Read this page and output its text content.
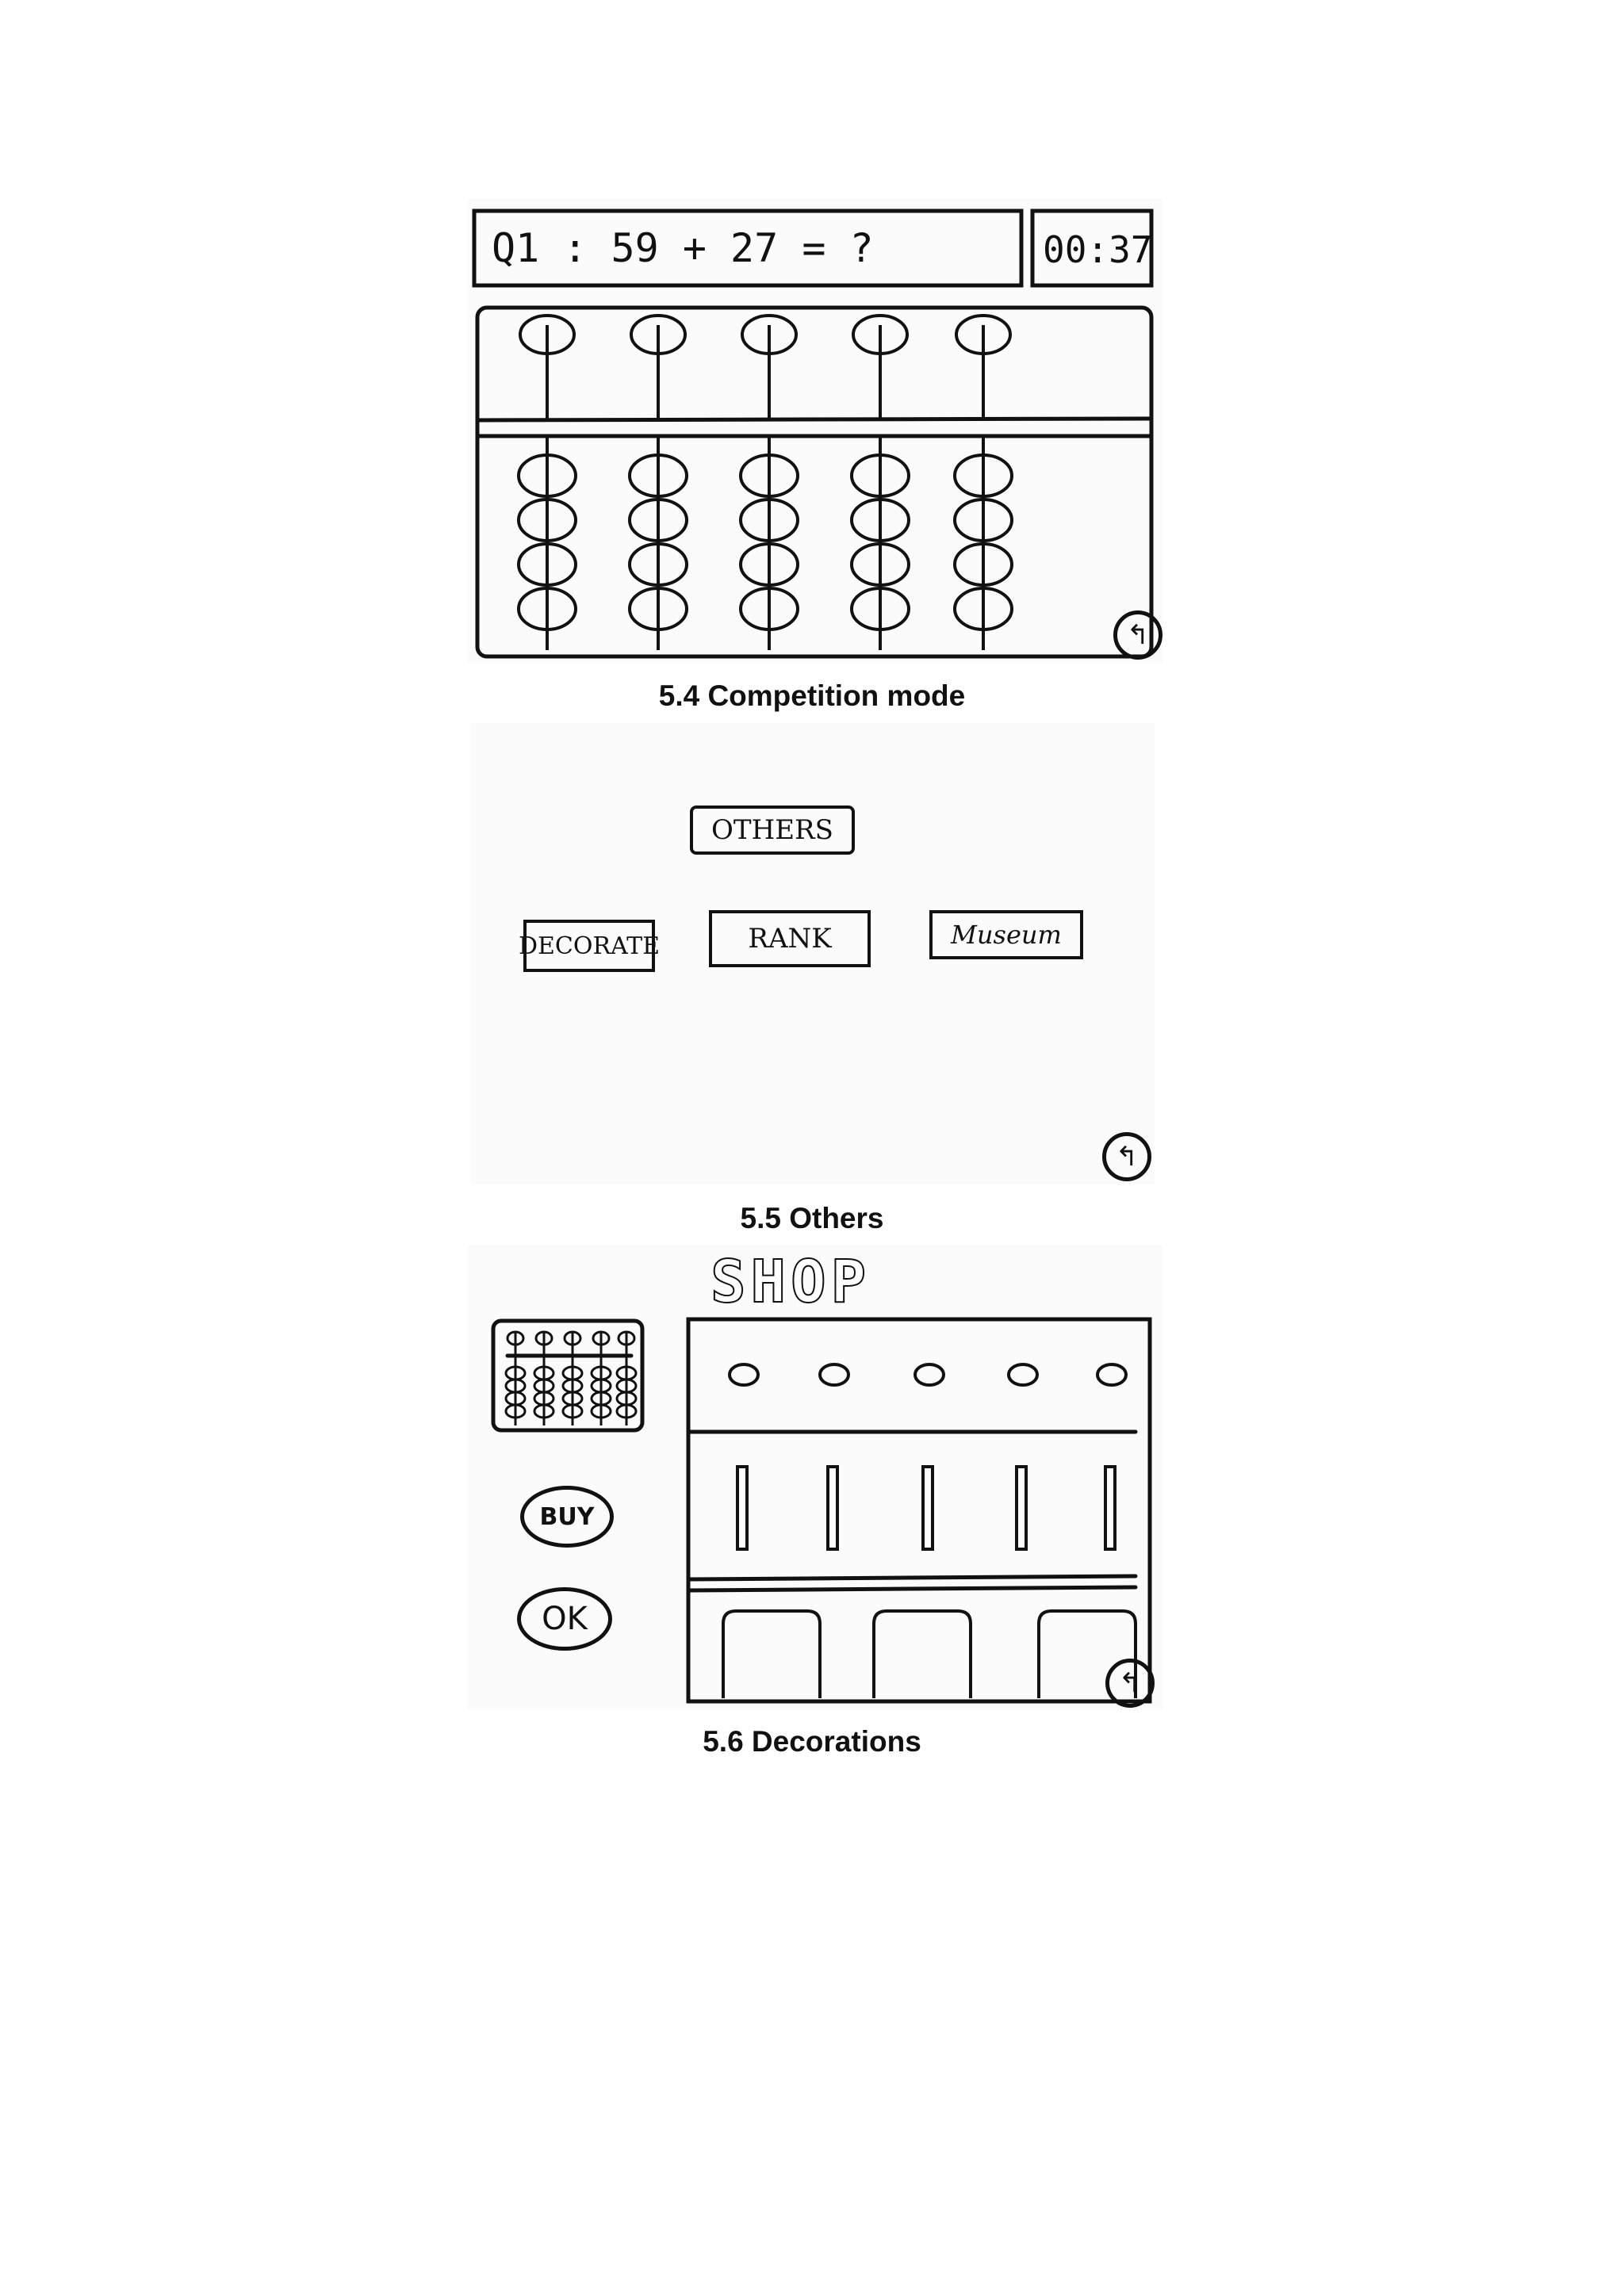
Q1 : 59 + 27 = ?	00:37
↰
5.4 Competition mode
OTHERS
DECORATE	RANK	Museum
↰
5.5 Others
SHOP
BUY
OK
↰
5.6 Decorations
